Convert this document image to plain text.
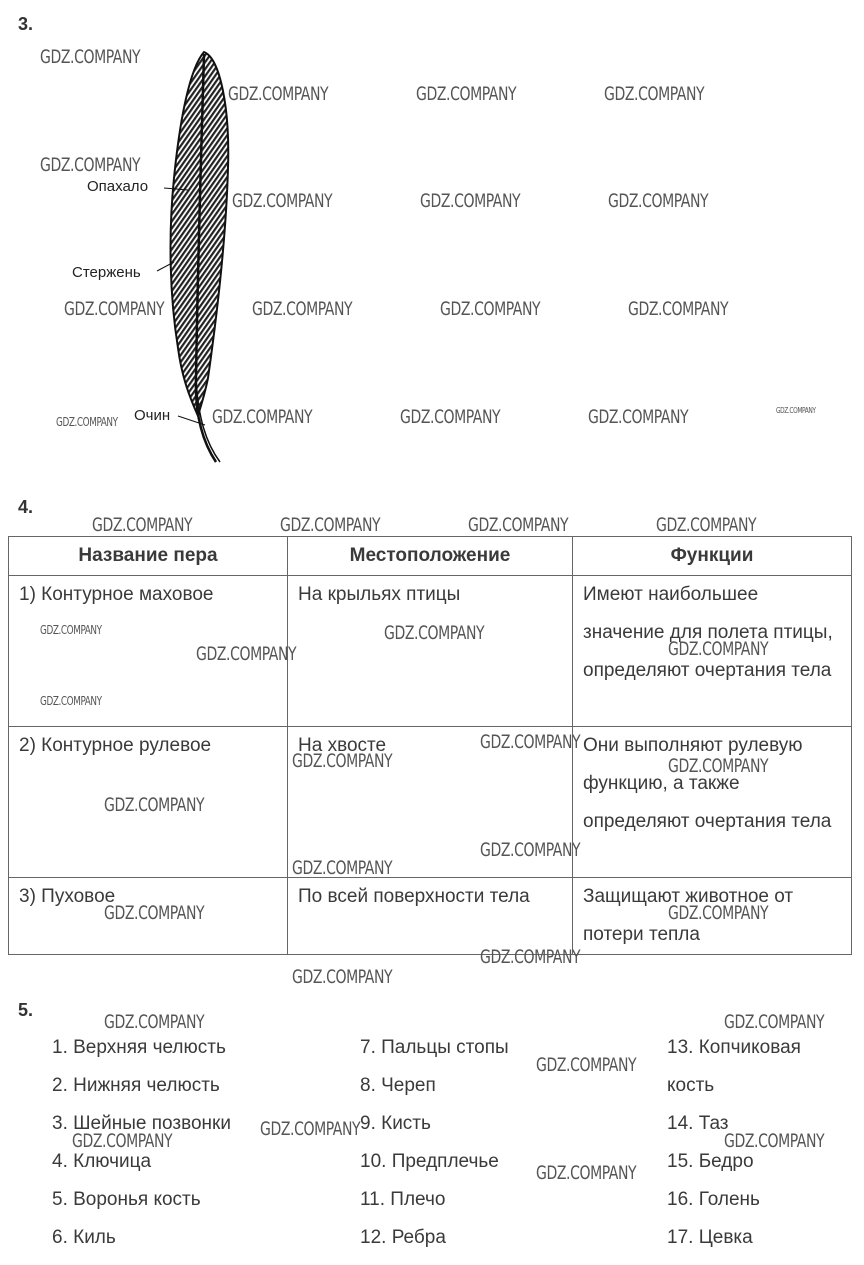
3.
Опахало
Стержень
Очин
GDZ.COMPANY
GDZ.COMPANY	GDZ.COMPANY	GDZ.COMPANY
GDZ.COMPANY
GDZ.COMPANY	GDZ.COMPANY	GDZ.COMPANY
GDZ.COMPANY	GDZ.COMPANY	GDZ.COMPANY	GDZ.COMPANY
GDZ.COMPANY	GDZ.COMPANY	GDZ.COMPANY	GDZ.COMPANY	GDZ.COMPANY
4.
GDZ.COMPANY	GDZ.COMPANY	GDZ.COMPANY	GDZ.COMPANY
Название пера	Местоположение	Функции
1) Контурное маховое	На крыльях птицы	Имеют наибольшее значение для полета птицы, определяют очертания тела
2) Контурное рулевое	На хвосте	Они выполняют рулевую функцию, а также определяют очертания тела
3) Пуховое	По всей поверхности тела	Защищают животное от потери тепла
GDZ.COMPANY
GDZ.COMPANY
GDZ.COMPANY
GDZ.COMPANY
GDZ.COMPANY
GDZ.COMPANY
GDZ.COMPANY	GDZ.COMPANY
GDZ.COMPANY
GDZ.COMPANY
GDZ.COMPANY
GDZ.COMPANY	GDZ.COMPANY
GDZ.COMPANY
GDZ.COMPANY
5.
GDZ.COMPANY	GDZ.COMPANY
1. Верхняя челюсть
2. Нижняя челюсть
3. Шейные позвонки
4. Ключица
5. Воронья кость
6. Киль
7. Пальцы стопы
8. Череп
9. Кисть
10. Предплечье
11. Плечо
12. Ребра
13. Копчиковая
кость
14. Таз
15. Бедро
16. Голень
17. Цевка
GDZ.COMPANY
GDZ.COMPANY
GDZ.COMPANY	GDZ.COMPANY
GDZ.COMPANY
